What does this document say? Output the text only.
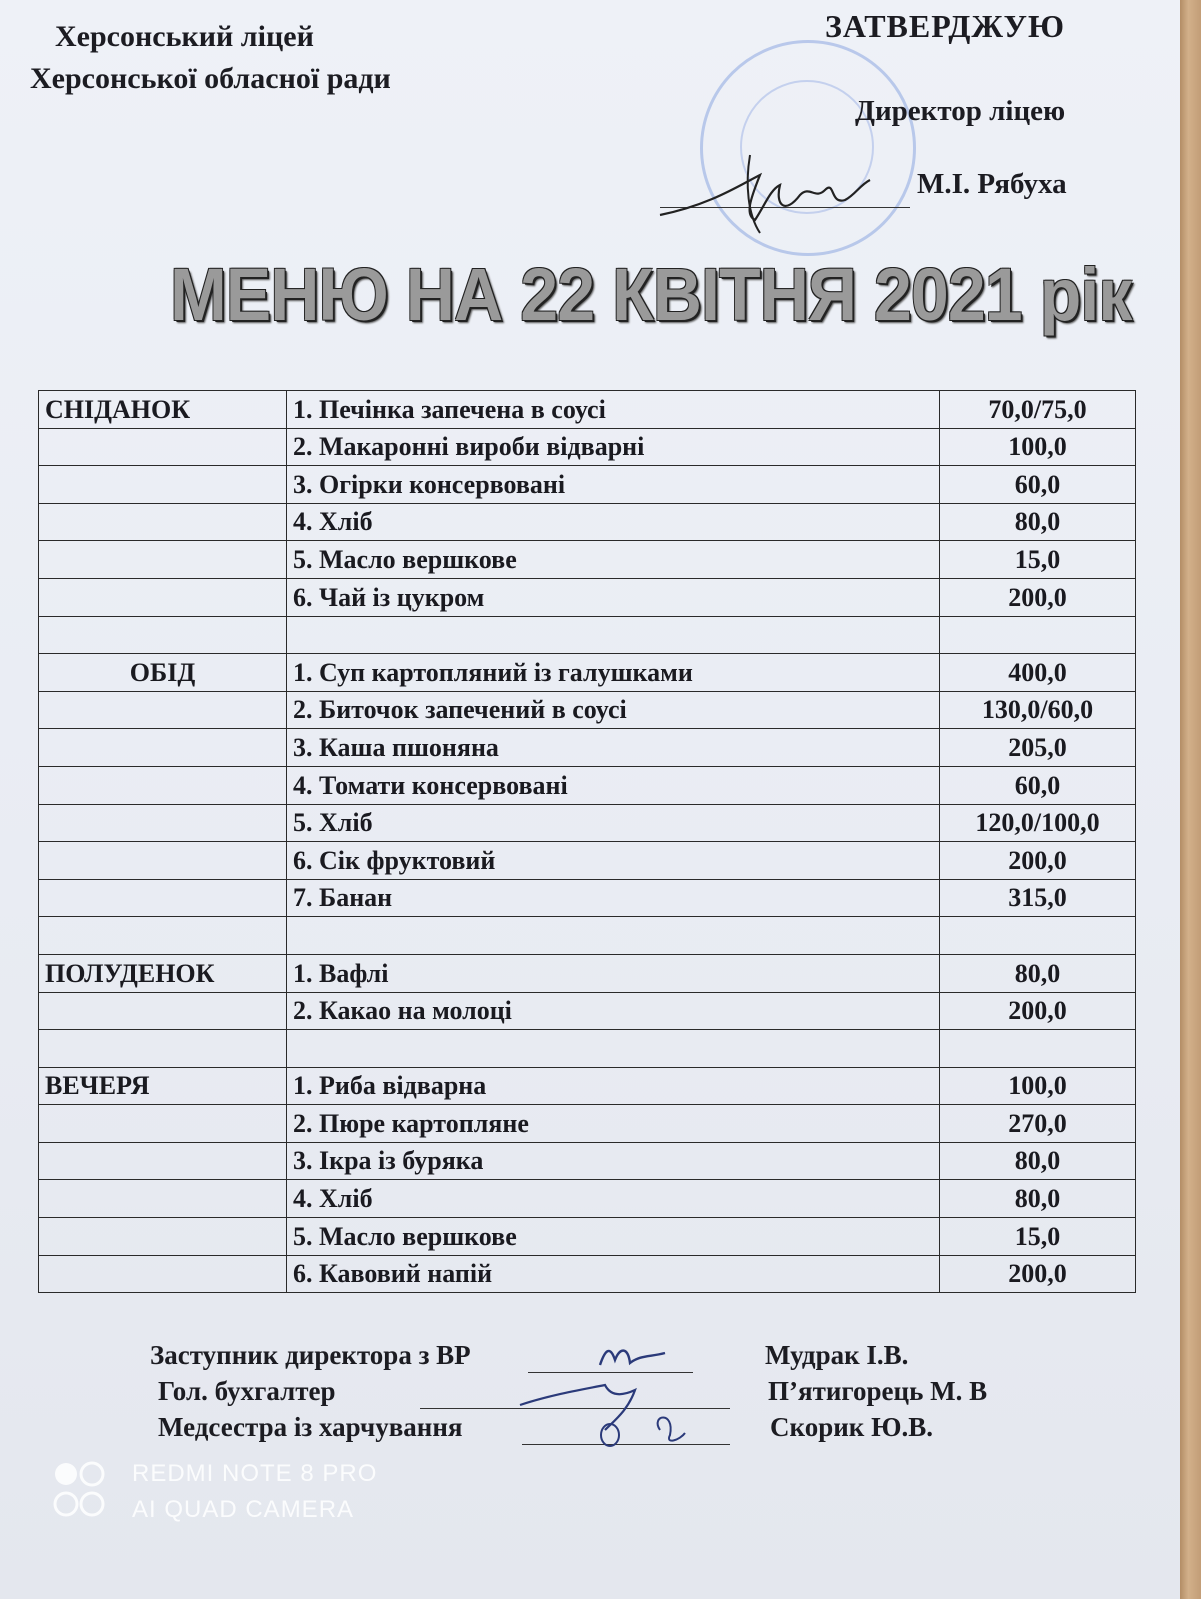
Херсонський ліцей
Херсонської обласної ради
ЗАТВЕРДЖУЮ
Директор ліцею
М.І. Рябуха
МЕНЮ НА 22 КВІТНЯ 2021 рік
СНІДАНОК	1. Печінка запечена в соусі	70,0/75,0
	2. Макаронні вироби відварні	100,0
	3. Огірки консервовані	60,0
	4. Хліб	80,0
	5. Масло вершкове	15,0
	6. Чай із цукром	200,0

ОБІД	1. Суп картопляний із галушками	400,0
	2. Биточок запечений в соусі	130,0/60,0
	3. Каша пшоняна	205,0
	4. Томати консервовані	60,0
	5. Хліб	120,0/100,0
	6. Сік фруктовий	200,0
	7. Банан	315,0

ПОЛУДЕНОК	1. Вафлі	80,0
	2. Какао на молоці	200,0

ВЕЧЕРЯ	1. Риба відварна	100,0
	2. Пюре картопляне	270,0
	3. Ікра із буряка	80,0
	4. Хліб	80,0
	5. Масло вершкове	15,0
	6. Кавовий напій	200,0
Заступник директора з ВР	Мудрак І.В.
Гол. бухгалтер	П’ятигорець М. В
Медсестра із харчування	Скорик Ю.В.
REDMI NOTE 8 PRO
AI QUAD CAMERA
